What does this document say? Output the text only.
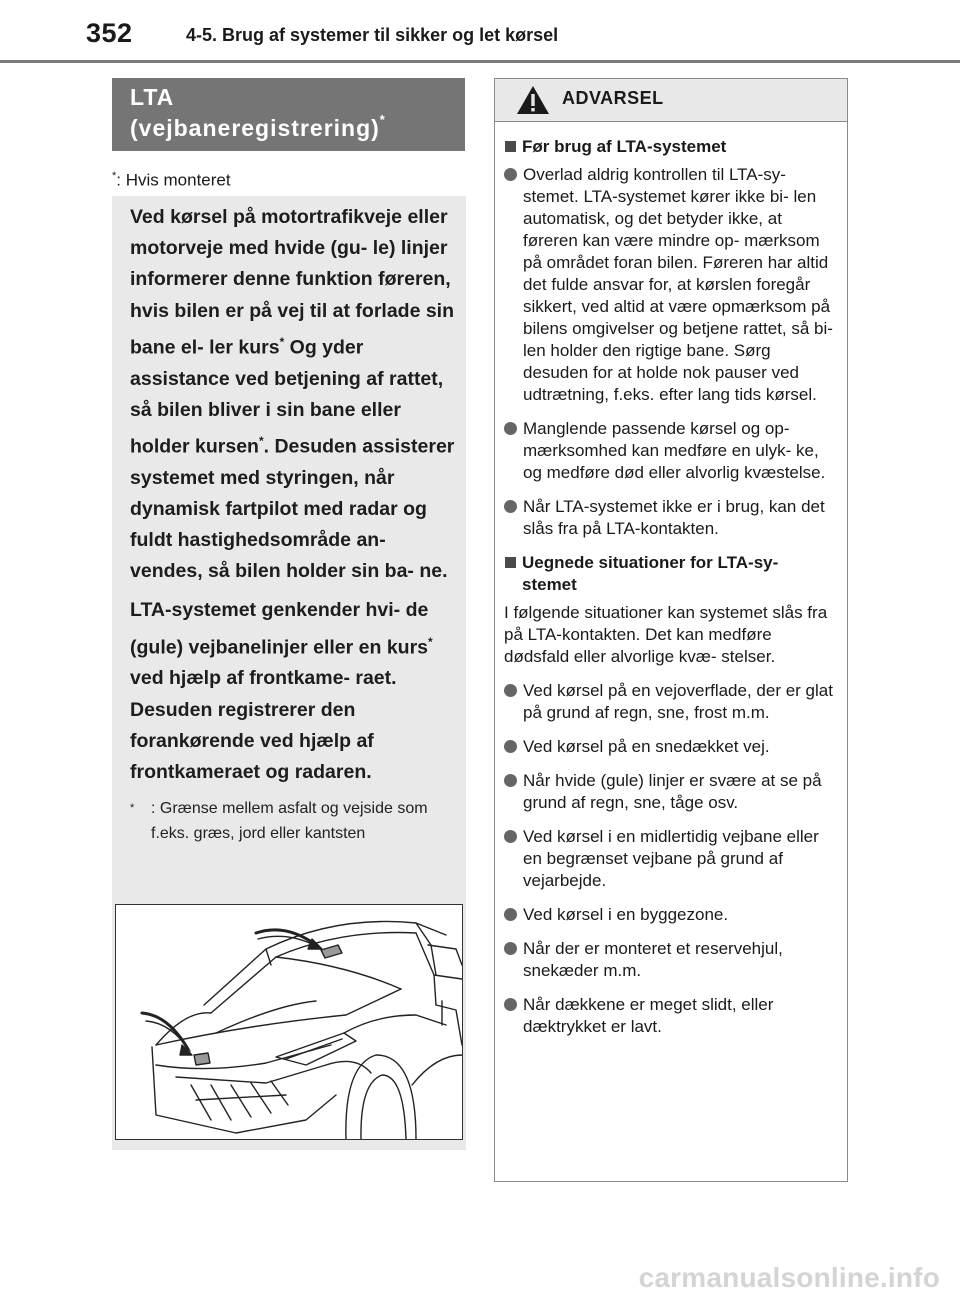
352	4-5. Brug af systemer til sikker og let kørsel
LTA
(vejbaneregistrering)*
*: Hvis monteret

Ved kørsel på motortrafikveje eller motorveje med hvide (gu- le) linjer informerer denne funktion føreren, hvis bilen er på vej til at forlade sin bane el- ler kurs* Og yder assistance ved betjening af rattet, så bilen bliver i sin bane eller holder kursen*. Desuden assisterer systemet med styringen, når dynamisk fartpilot med radar og fuldt hastighedsområde an- vendes, så bilen holder sin ba- ne.

LTA-systemet genkender hvi- de (gule) vejbanelinjer eller en kurs* ved hjælp af frontkame- raet. Desuden registrerer den forankørende ved hjælp af frontkameraet og radaren.

*	: Grænse mellem asfalt og vejside som f.eks. græs, jord eller kantsten
ADVARSEL
Før brug af LTA-systemet
Overlad aldrig kontrollen til LTA-sy- stemet. LTA-systemet kører ikke bi- len automatisk, og det betyder ikke, at føreren kan være mindre op- mærksom på området foran bilen. Føreren har altid det fulde ansvar for, at kørslen foregår sikkert, ved altid at være opmærksom på bilens omgivelser og betjene rattet, så bi- len holder den rigtige bane. Sørg desuden for at holde nok pauser ved udtrætning, f.eks. efter lang tids kørsel.
Manglende passende kørsel og op- mærksomhed kan medføre en ulyk- ke, og medføre død eller alvorlig kvæstelse.
Når LTA-systemet ikke er i brug, kan det slås fra på LTA-kontakten.
Uegnede situationer for LTA-sy- stemet
I følgende situationer kan systemet slås fra på LTA-kontakten. Det kan medføre dødsfald eller alvorlige kvæ- stelser.
Ved kørsel på en vejoverflade, der er glat på grund af regn, sne, frost m.m.
Ved kørsel på en snedækket vej.
Når hvide (gule) linjer er svære at se på grund af regn, sne, tåge osv.
Ved kørsel i en midlertidig vejbane eller en begrænset vejbane på grund af vejarbejde.
Ved kørsel i en byggezone.
Når der er monteret et reservehjul, snekæder m.m.
Når dækkene er meget slidt, eller dæktrykket er lavt.
carmanualsonline.info
